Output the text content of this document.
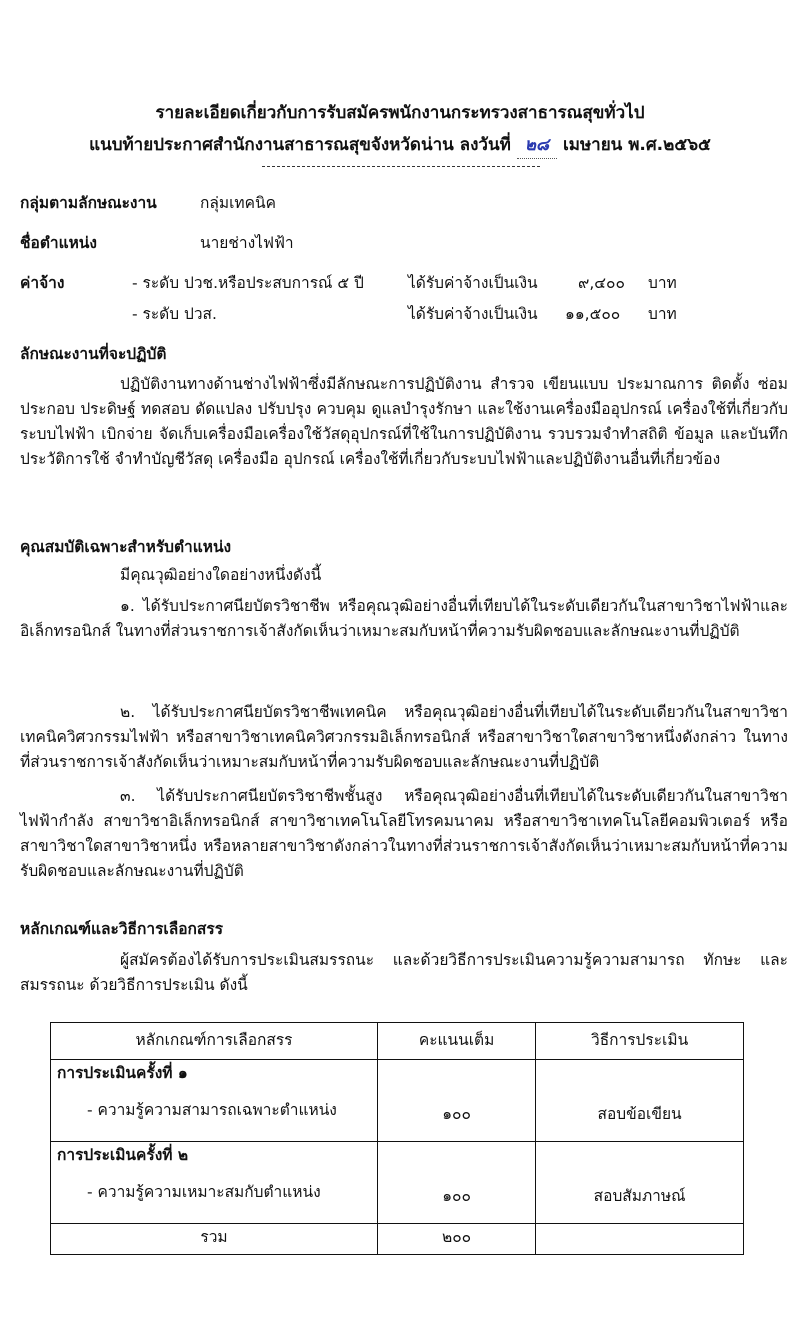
รายละเอียดเกี่ยวกับการรับสมัครพนักงานกระทรวงสาธารณสุขทั่วไป
แนบท้ายประกาศสำนักงานสาธารณสุขจังหวัดน่าน ลงวันที่ ๒๘ เมษายน พ.ศ.๒๕๖๕
กลุ่มตามลักษณะงาน	กลุ่มเทคนิค
ชื่อตำแหน่ง	นายช่างไฟฟ้า
ค่าจ้าง	- ระดับ ปวช.หรือประสบการณ์ ๕ ปี	ได้รับค่าจ้างเป็นเงิน	๙,๔๐๐ บาท
- ระดับ ปวส.	ได้รับค่าจ้างเป็นเงิน ๑๑,๕๐๐ บาท
ลักษณะงานที่จะปฏิบัติ
ปฏิบัติงานทางด้านช่างไฟฟ้าซึ่งมีลักษณะการปฏิบัติงาน สำรวจ เขียนแบบ ประมาณการ ติดตั้ง ซ่อม ประกอบ ประดิษฐ์ ทดสอบ ดัดแปลง ปรับปรุง ควบคุม ดูแลบำรุงรักษา และใช้งานเครื่องมืออุปกรณ์ เครื่องใช้ที่เกี่ยวกับระบบไฟฟ้า เบิกจ่าย จัดเก็บเครื่องมือเครื่องใช้วัสดุอุปกรณ์ที่ใช้ในการปฏิบัติงาน รวบรวมจำทำสถิติ ข้อมูล และบันทึกประวัติการใช้ จำทำบัญชีวัสดุ เครื่องมือ อุปกรณ์ เครื่องใช้ที่เกี่ยวกับระบบไฟฟ้าและปฏิบัติงานอื่นที่เกี่ยวข้อง
คุณสมบัติเฉพาะสำหรับตำแหน่ง
มีคุณวุฒิอย่างใดอย่างหนึ่งดังนี้
๑. ได้รับประกาศนียบัตรวิชาชีพ หรือคุณวุฒิอย่างอื่นที่เทียบได้ในระดับเดียวกันในสาขาวิชาไฟฟ้าและอิเล็กทรอนิกส์ ในทางที่ส่วนราชการเจ้าสังกัดเห็นว่าเหมาะสมกับหน้าที่ความรับผิดชอบและลักษณะงานที่ปฏิบัติ
๒. ได้รับประกาศนียบัตรวิชาชีพเทคนิค หรือคุณวุฒิอย่างอื่นที่เทียบได้ในระดับเดียวกันในสาขาวิชาเทคนิควิศวกรรมไฟฟ้า หรือสาขาวิชาเทคนิควิศวกรรมอิเล็กทรอนิกส์ หรือสาขาวิชาใดสาขาวิชาหนึ่งดังกล่าว ในทางที่ส่วนราชการเจ้าสังกัดเห็นว่าเหมาะสมกับหน้าที่ความรับผิดชอบและลักษณะงานที่ปฏิบัติ
๓. ได้รับประกาศนียบัตรวิชาชีพชั้นสูง หรือคุณวุฒิอย่างอื่นที่เทียบได้ในระดับเดียวกันในสาขาวิชาไฟฟ้ากำลัง สาขาวิชาอิเล็กทรอนิกส์ สาขาวิชาเทคโนโลยีโทรคมนาคม หรือสาขาวิชาเทคโนโลยีคอมพิวเตอร์ หรือสาขาวิชาใดสาขาวิชาหนึ่ง หรือหลายสาขาวิชาดังกล่าวในทางที่ส่วนราชการเจ้าสังกัดเห็นว่าเหมาะสมกับหน้าที่ความรับผิดชอบและลักษณะงานที่ปฏิบัติ
หลักเกณฑ์และวิธีการเลือกสรร
ผู้สมัครต้องได้รับการประเมินสมรรถนะ และด้วยวิธีการประเมินความรู้ความสามารถ ทักษะ และสมรรถนะ ด้วยวิธีการประเมิน ดังนี้
หลักเกณฑ์การเลือกสรร	คะแนนเต็ม	วิธีการประเมิน

การประเมินครั้งที่ ๑
- ความรู้ความสามารถเฉพาะตำแหน่ง	๑๐๐	สอบข้อเขียน

การประเมินครั้งที่ ๒
- ความรู้ความเหมาะสมกับตำแหน่ง	๑๐๐	สอบสัมภาษณ์
รวม	๒๐๐	
